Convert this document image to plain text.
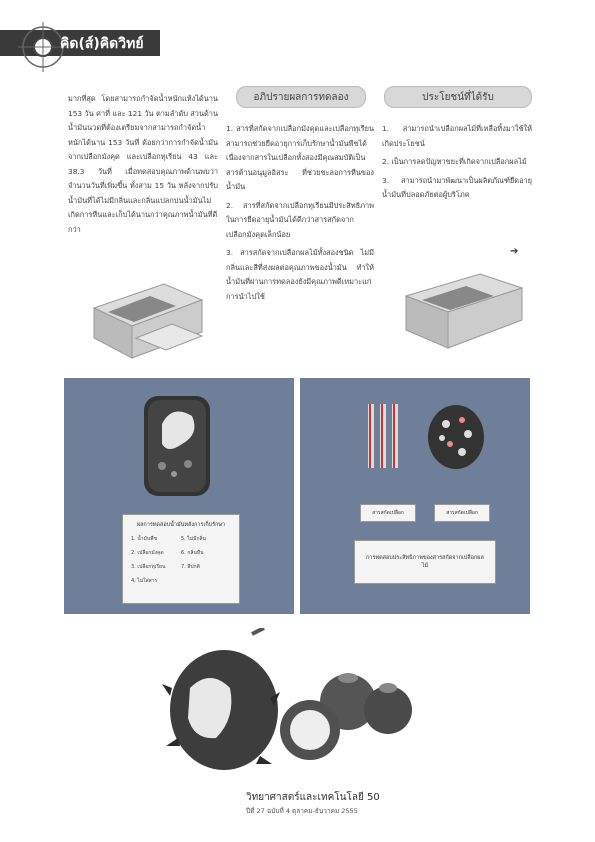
คิด(ส์)คิดวิทย์

มากที่สุด โดยสามารถกำจัดน้ำหนักแห้งได้นาน 153 วัน ค่าที่ และ 121 วัน ตามลำดับ ส่วนด้านน้ำมันนวดที่ต้องเตรียมจากสามารถกำจัดน้ำหนักได้นาน 153 วันที่ ด้อยกว่าการกำจัดน้ำมันจากเปลือกมังคุด และเปลือกทุเรียน 43 และ 38.3 วันที่ เมื่อทดสอบคุณภาพด้านพบว่าจำนวนวันที่เพิ่มขึ้น ทั้งสาม 15 วัน หลังจากปรับน้ำมันที่ได้ไม่มีกลิ่นและกลิ่นแปลกปนน้ำมันไม่เกิดการหืนและเก็บได้นานกว่าคุณภาพน้ำมันที่ดีกว่า

อภิปรายผลการทดลอง

1. สารที่สกัดจากเปลือกมังคุดและเปลือกทุเรียน สามารถช่วยยืดอายุการเก็บรักษาน้ำมันพืชได้ เนื่องจากสารในเปลือกทั้งสองมีคุณสมบัติเป็นสารต้านอนุมูลอิสระ ที่ช่วยชะลอการหืนของน้ำมัน

2. สารที่สกัดจากเปลือกทุเรียนมีประสิทธิภาพในการยืดอายุน้ำมันได้ดีกว่าสารสกัดจากเปลือกมังคุดเล็กน้อย

3. สารสกัดจากเปลือกผลไม้ทั้งสองชนิด ไม่มีกลิ่นและสีที่ส่งผลต่อคุณภาพของน้ำมัน ทำให้น้ำมันที่ผ่านการทดลองยังมีคุณภาพดีเหมาะแก่การนำไปใช้

ประโยชน์ที่ได้รับ

1. สามารถนำเปลือกผลไม้ที่เหลือทิ้งมาใช้ให้เกิดประโยชน์

2. เป็นการลดปัญหาขยะที่เกิดจากเปลือกผลไม้

3. สามารถนำมาพัฒนาเป็นผลิตภัณฑ์ยืดอายุน้ำมันที่ปลอดภัยต่อผู้บริโภค

➔
ผลการทดสอบน้ำมันหลังการเก็บรักษา
1. น้ำมันพืช	5. ไม่มีกลิ่น
2. เปลือกมังคุด	6. กลิ่นหืน
3. เปลือกทุเรียน	7. สีปกติ
4. ไม่ใส่สาร
สารสกัดเปลือก	สารสกัดเปลือก
การทดสอบประสิทธิภาพของสารสกัดจากเปลือกผลไม้
วิทยาศาสตร์และเทคโนโลยี 50
ปีที่ 27 ฉบับที่ 4 ตุลาคม-ธันวาคม 2555
